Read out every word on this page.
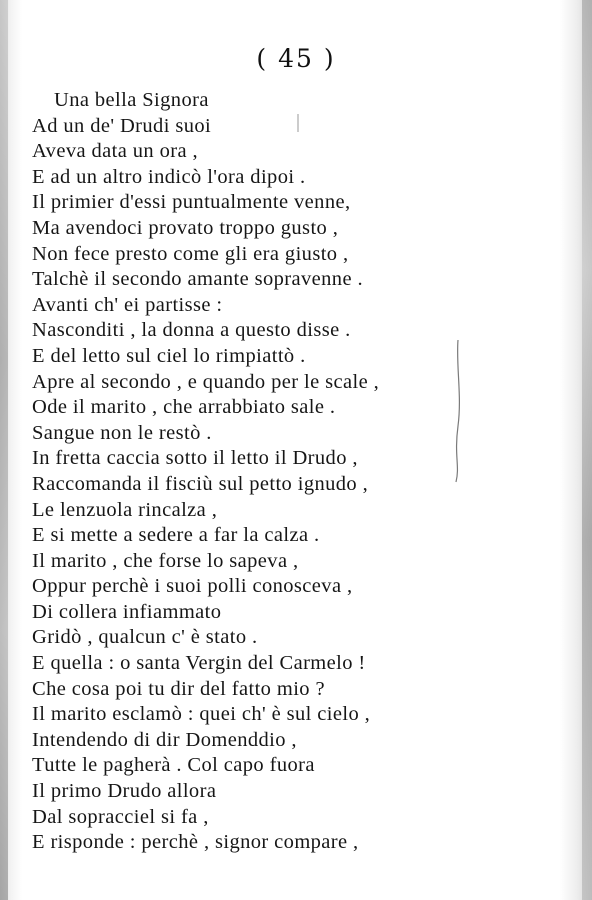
( 45 )
Una bella Signora
Ad un de' Drudi suoi
Aveva data un ora ,
E ad un altro indicò l'ora dipoi .
Il primier d'essi puntualmente venne,
Ma avendoci provato troppo gusto ,
Non fece presto come gli era giusto ,
Talchè il secondo amante sopravenne .
Avanti ch' ei partisse :
Nasconditi , la donna a questo disse .
E del letto sul ciel lo rimpiattò .
Apre al secondo , e quando per le scale ,
Ode il marito , che arrabbiato sale .
Sangue non le restò .
In fretta caccia sotto il letto il Drudo ,
Raccomanda il fisciù sul petto ignudo ,
Le lenzuola rincalza ,
E si mette a sedere a far la calza .
Il marito , che forse lo sapeva ,
Oppur perchè i suoi polli conosceva ,
Di collera infiammato
Gridò , qualcun c' è stato .
E quella : o santa Vergin del Carmelo !
Che cosa poi tu dir del fatto mio ?
Il marito esclamò : quei ch' è sul cielo ,
Intendendo di dir Domenddio ,
Tutte le pagherà . Col capo fuora
Il primo Drudo allora
Dal sopracciel si fa ,
E risponde : perchè , signor compare ,
